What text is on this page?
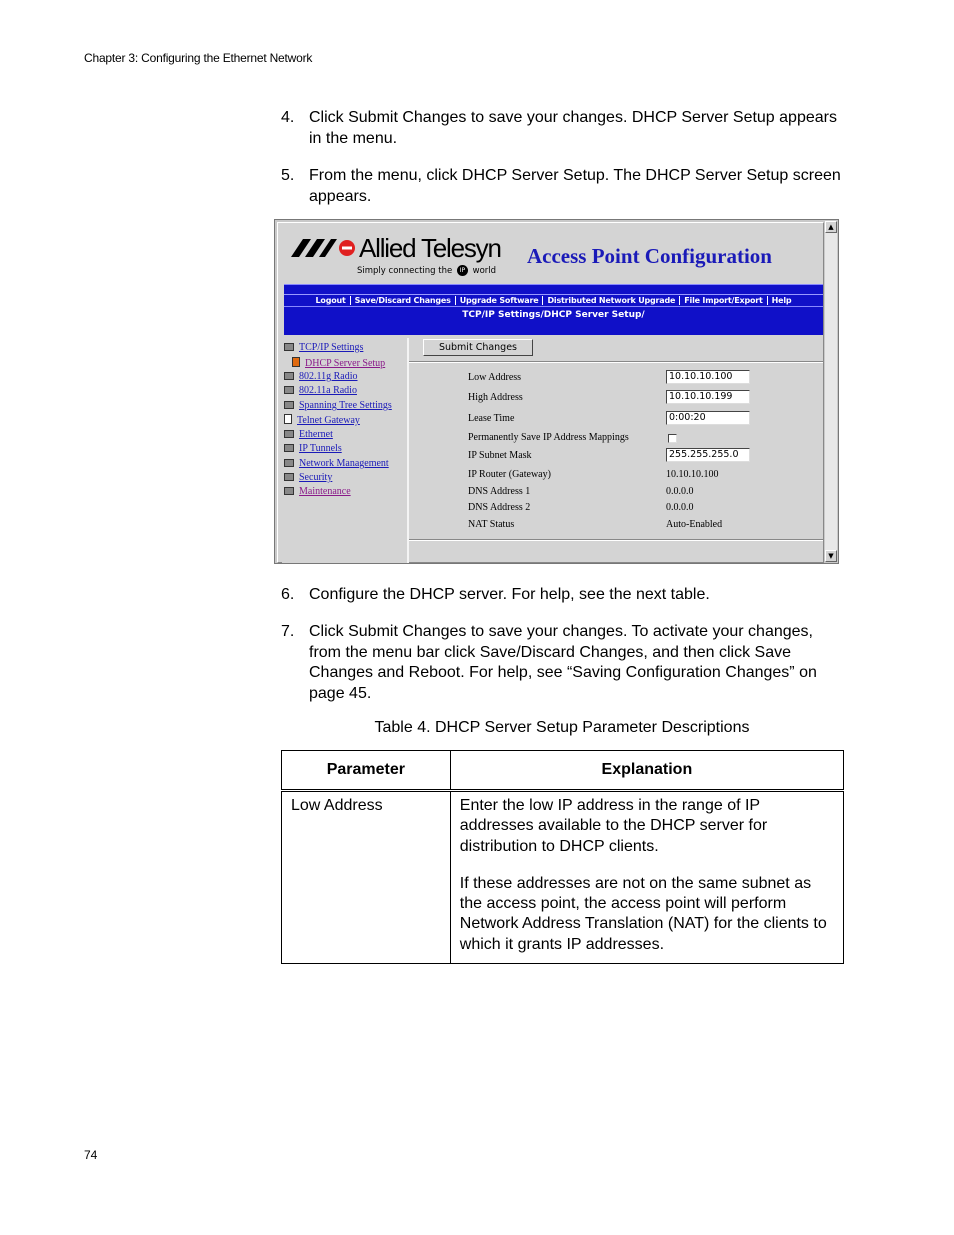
Chapter 3: Configuring the Ethernet Network
4. Click Submit Changes to save your changes. DHCP Server Setup appears in the menu.
5. From the menu, click DHCP Server Setup. The DHCP Server Setup screen appears.
Allied Telesyn
Simply connecting the IP world
Access Point Configuration
Logout	Save/Discard Changes	Upgrade Software	Distributed Network Upgrade	File Import/Export	Help
TCP/IP Settings/DHCP Server Setup/
TCP/IP Settings
DHCP Server Setup
802.11g Radio
802.11a Radio
Spanning Tree Settings
Telnet Gateway
Ethernet
IP Tunnels
Network Management
Security
Maintenance
Submit Changes
Low Address	10.10.10.100
High Address	10.10.10.199
Lease Time	0:00:20
Permanently Save IP Address Mappings
IP Subnet Mask	255.255.255.0
IP Router (Gateway)	10.10.10.100
DNS Address 1	0.0.0.0
DNS Address 2	0.0.0.0
NAT Status	Auto-Enabled
▲
▼
6. Configure the DHCP server. For help, see the next table.
7. Click Submit Changes to save your changes. To activate your changes, from the menu bar click Save/Discard Changes, and then click Save Changes and Reboot. For help, see “Saving Configuration Changes” on page 45.
Table 4. DHCP Server Setup Parameter Descriptions
Parameter	Explanation
Low Address	Enter the low IP address in the range of IP addresses available to the DHCP server for distribution to DHCP clients.

If these addresses are not on the same subnet as the access point, the access point will perform Network Address Translation (NAT) for the clients to which it grants IP addresses.

74
